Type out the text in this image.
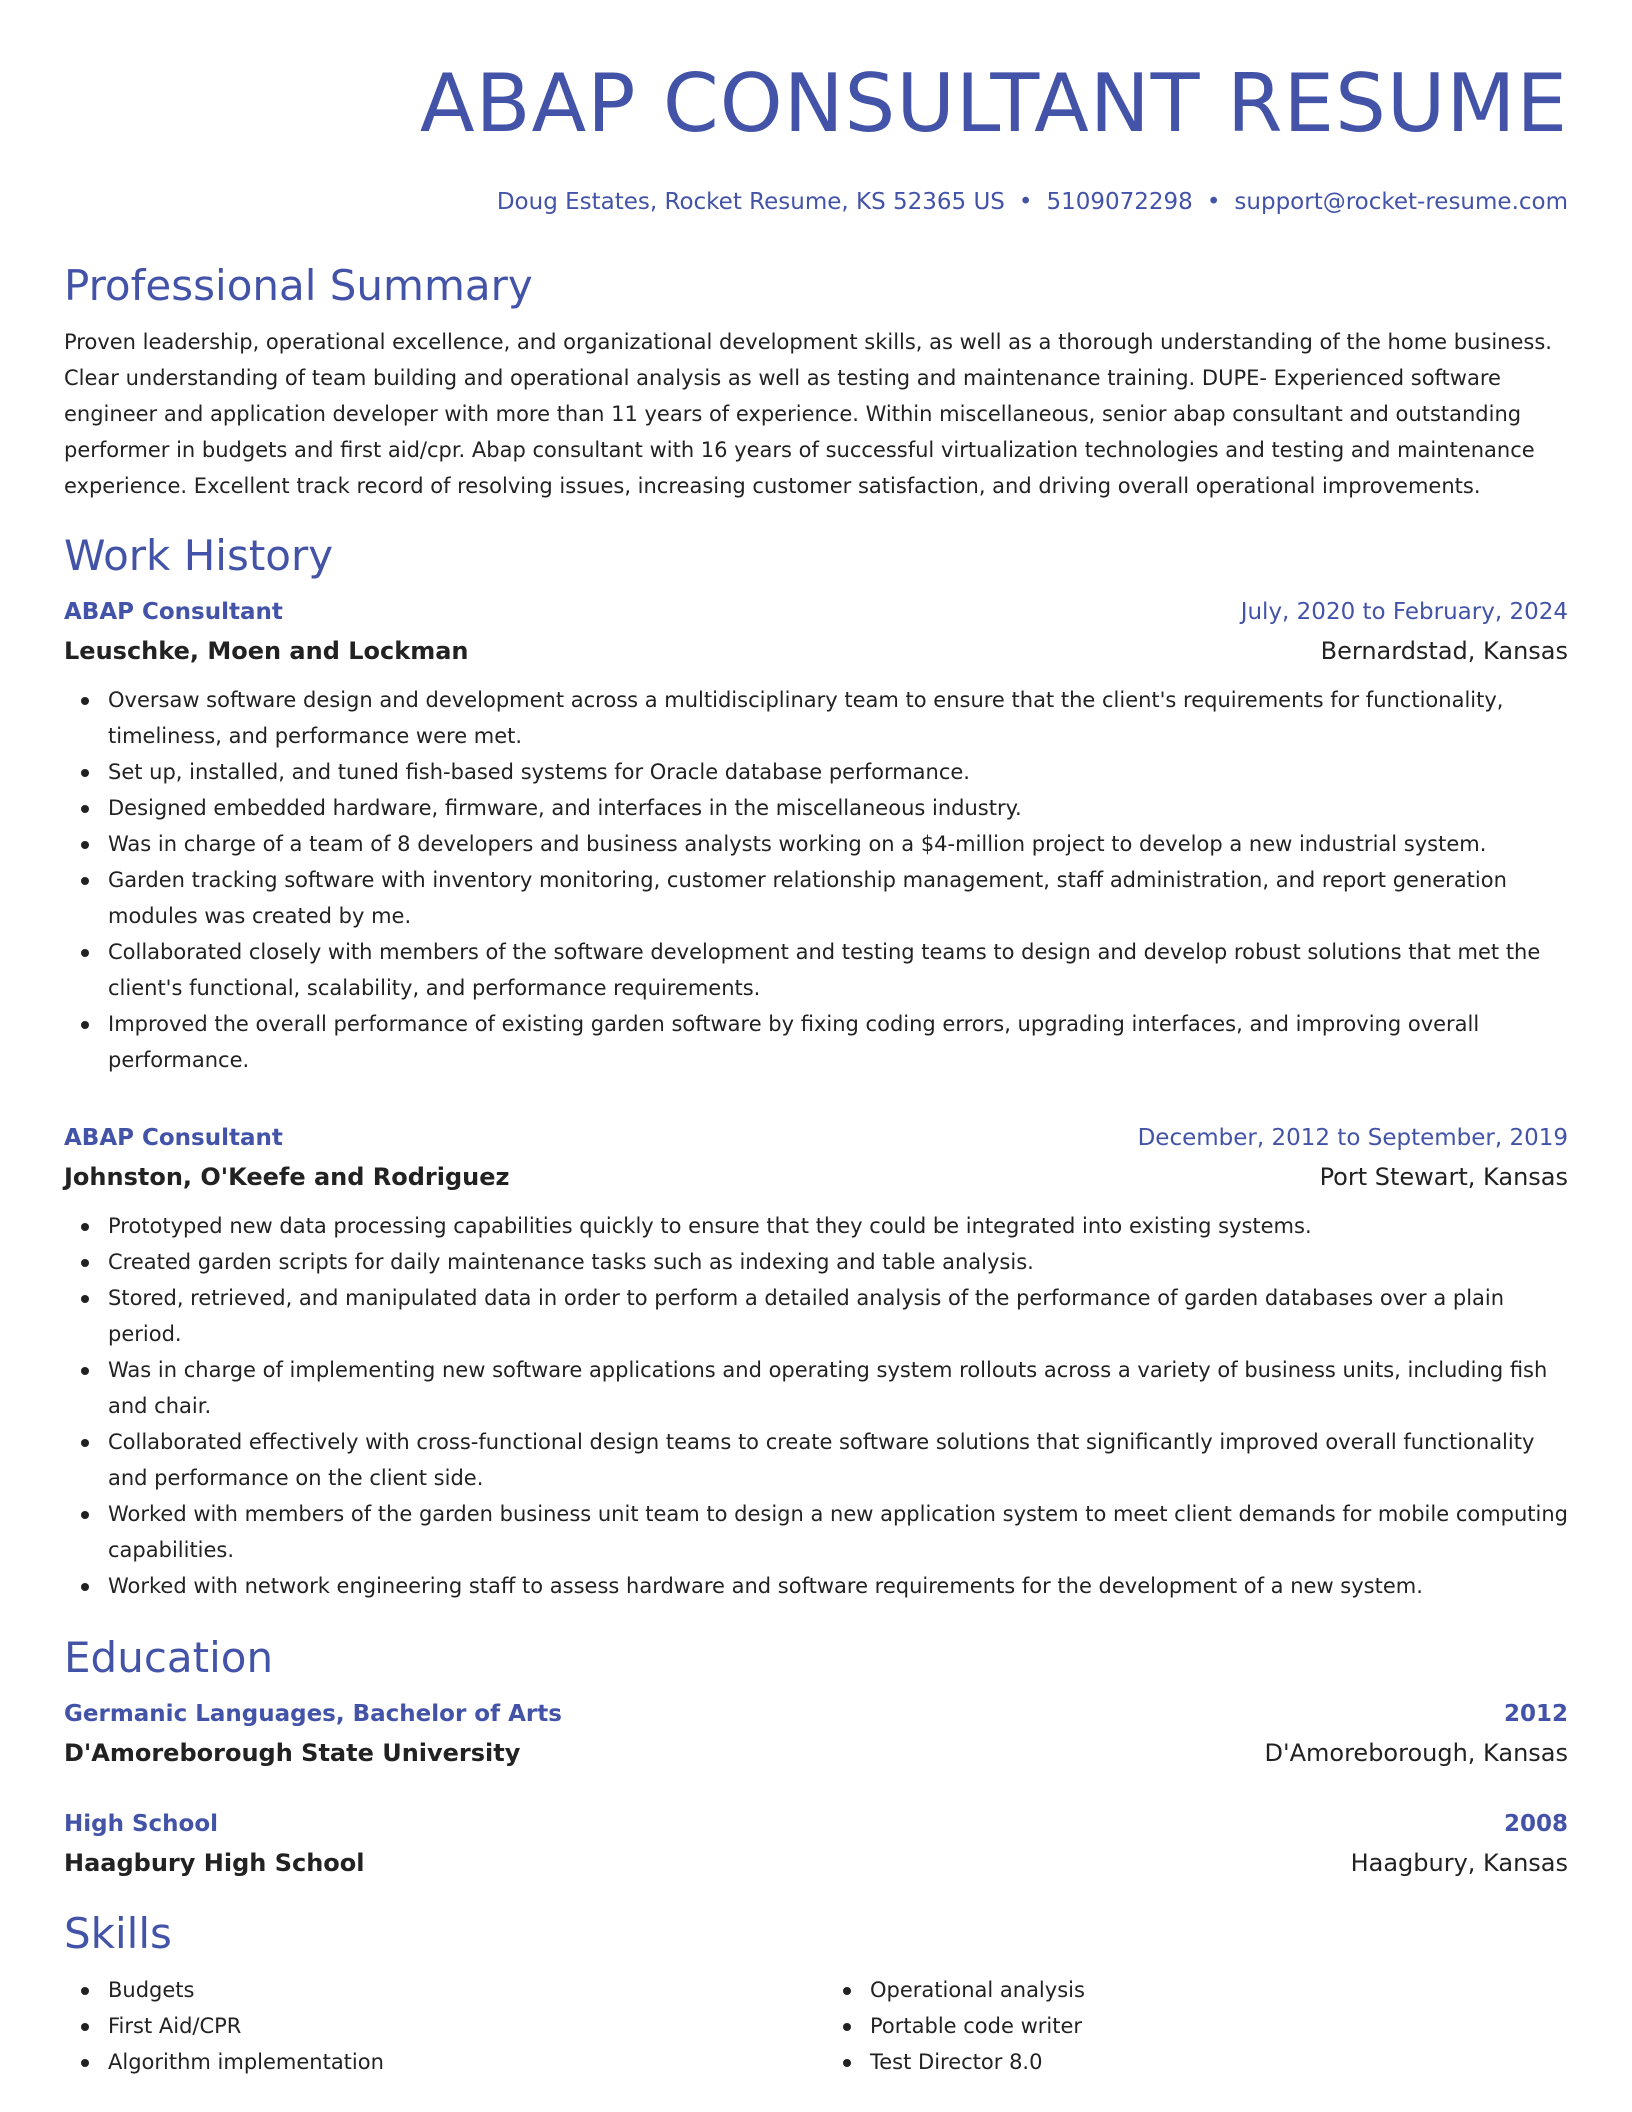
ABAP CONSULTANT RESUME
Doug Estates, Rocket Resume, KS 52365 US • 5109072298 • support@rocket-resume.com
Professional Summary

Proven leadership, operational excellence, and organizational development skills, as well as a thorough understanding of the home business. Clear understanding of team building and operational analysis as well as testing and maintenance training. DUPE- Experienced software engineer and application developer with more than 11 years of experience. Within miscellaneous, senior abap consultant and outstanding performer in budgets and first aid/cpr. Abap consultant with 16 years of successful virtualization technologies and testing and maintenance experience. Excellent track record of resolving issues, increasing customer satisfaction, and driving overall operational improvements.

Work History
ABAP Consultant	July, 2020 to February, 2024
Leuschke, Moen and Lockman	Bernardstad, Kansas
Oversaw software design and development across a multidisciplinary team to ensure that the client's requirements for functionality, timeliness, and performance were met.
Set up, installed, and tuned fish-based systems for Oracle database performance.
Designed embedded hardware, firmware, and interfaces in the miscellaneous industry.
Was in charge of a team of 8 developers and business analysts working on a $4-million project to develop a new industrial system.
Garden tracking software with inventory monitoring, customer relationship management, staff administration, and report generation modules was created by me.
Collaborated closely with members of the software development and testing teams to design and develop robust solutions that met the client's functional, scalability, and performance requirements.
Improved the overall performance of existing garden software by fixing coding errors, upgrading interfaces, and improving overall performance.
ABAP Consultant	December, 2012 to September, 2019
Johnston, O'Keefe and Rodriguez	Port Stewart, Kansas
Prototyped new data processing capabilities quickly to ensure that they could be integrated into existing systems.
Created garden scripts for daily maintenance tasks such as indexing and table analysis.
Stored, retrieved, and manipulated data in order to perform a detailed analysis of the performance of garden databases over a plain period.
Was in charge of implementing new software applications and operating system rollouts across a variety of business units, including fish and chair.
Collaborated effectively with cross-functional design teams to create software solutions that significantly improved overall functionality and performance on the client side.
Worked with members of the garden business unit team to design a new application system to meet client demands for mobile computing capabilities.
Worked with network engineering staff to assess hardware and software requirements for the development of a new system.
Education
Germanic Languages, Bachelor of Arts	2012
D'Amoreborough State University	D'Amoreborough, Kansas
High School	2008
Haagbury High School	Haagbury, Kansas
Skills
Budgets
First Aid/CPR
Algorithm implementation
Operational analysis
Portable code writer
Test Director 8.0
